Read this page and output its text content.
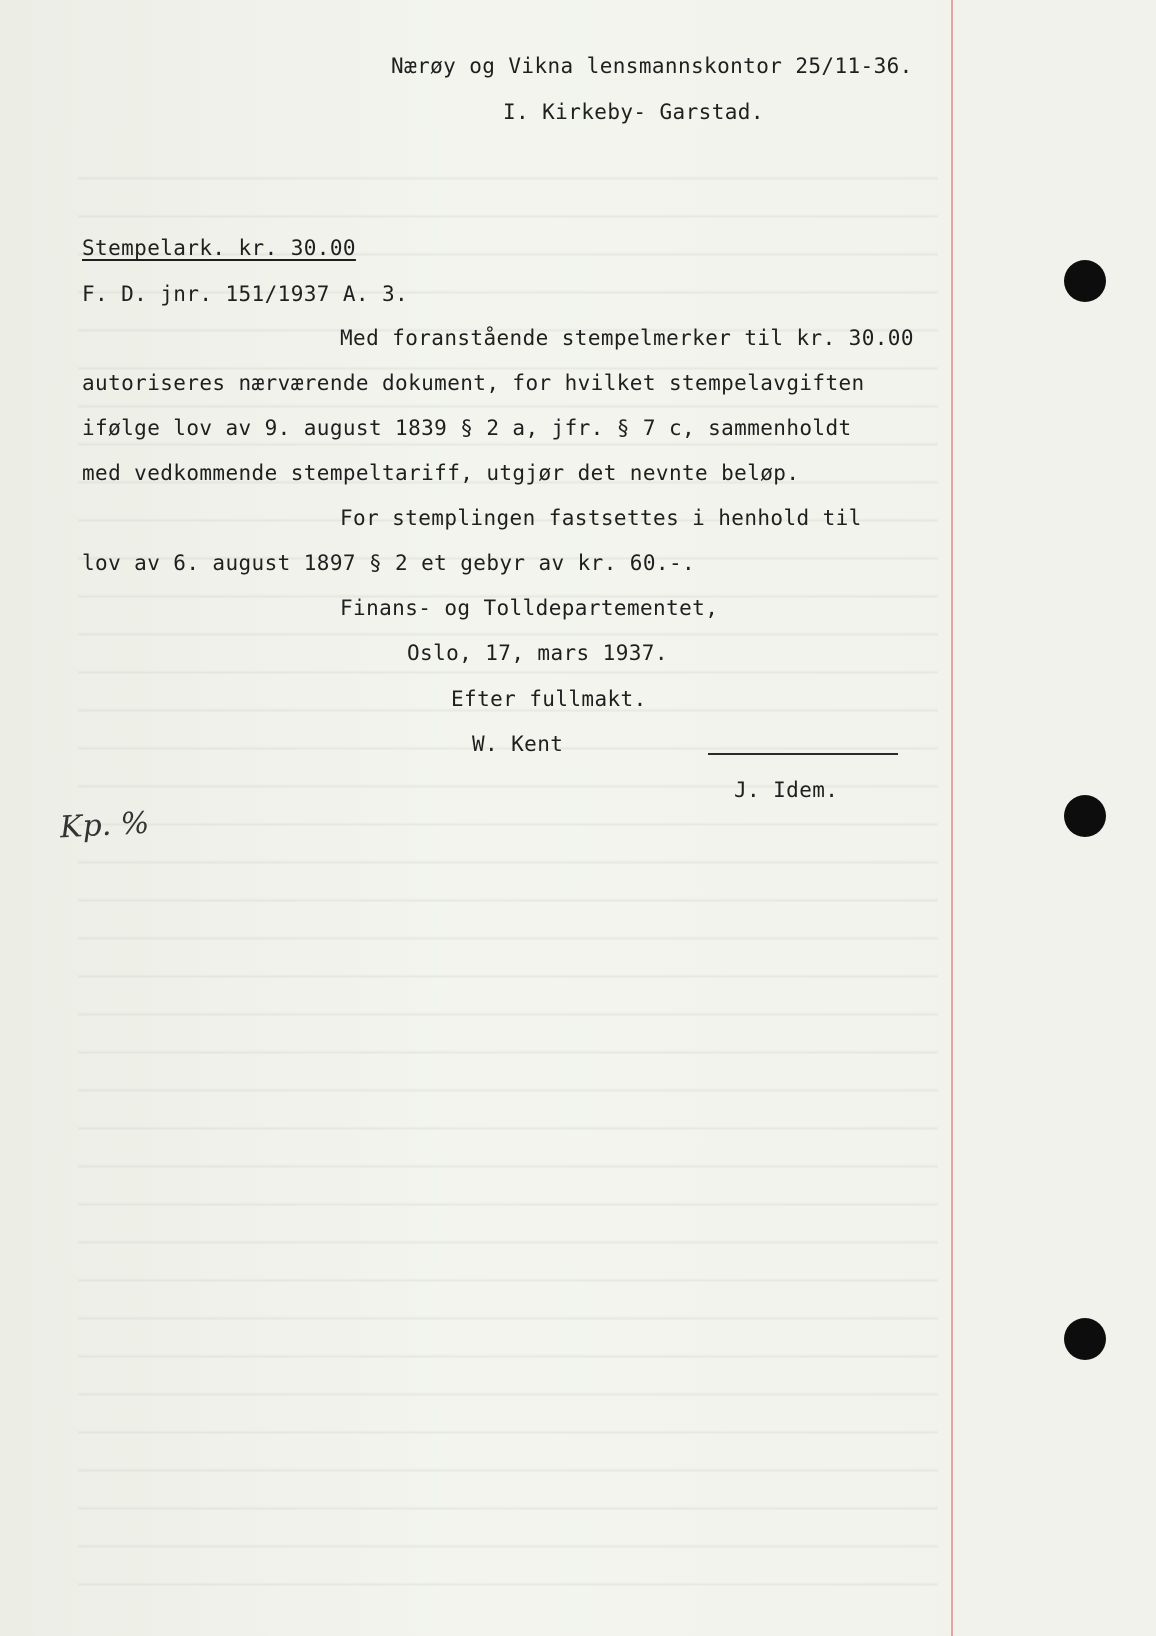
Nærøy og Vikna lensmannskontor 25/11-36.
I. Kirkeby- Garstad.
Stempelark. kr. 30.00
F. D. jnr. 151/1937 A. 3.
Med foranstående stempelmerker til kr. 30.00
autoriseres nærværende dokument, for hvilket stempelavgiften
ifølge lov av 9. august 1839 § 2 a, jfr. § 7 c, sammenholdt
med vedkommende stempeltariff, utgjør det nevnte beløp.
For stemplingen fastsettes i henhold til
lov av 6. august 1897 § 2 et gebyr av kr. 60.-.
Finans- og Tolldepartementet,
Oslo, 17, mars 1937.
Efter fullmakt.
W. Kent
J. Idem.
Kp. %
